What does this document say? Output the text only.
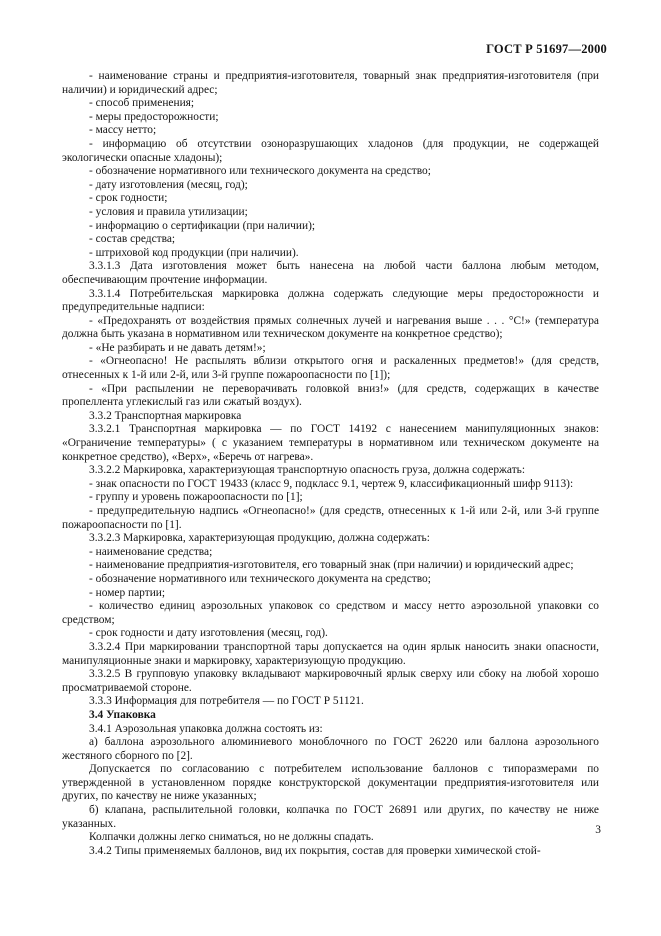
ГОСТ Р 51697—2000

- наименование страны и предприятия-изготовителя, товарный знак предприятия-изготовителя (при наличии) и юридический адрес;

- способ применения;

- меры предосторожности;

- массу нетто;

- информацию об отсутствии озоноразрушающих хладонов (для продукции, не содержащей экологически опасные хладоны);

- обозначение нормативного или технического документа на средство;

- дату изготовления (месяц, год);

- срок годности;

- условия и правила утилизации;

- информацию о сертификации (при наличии);

- состав средства;

- штриховой код продукции (при наличии).

3.3.1.3 Дата изготовления может быть нанесена на любой части баллона любым методом, обеспечивающим прочтение информации.

3.3.1.4 Потребительская маркировка должна содержать следующие меры предосторожности и предупредительные надписи:

- «Предохранять от воздействия прямых солнечных лучей и нагревания выше . . . °С!» (температура должна быть указана в нормативном или техническом документе на конкретное средство);

- «Не разбирать и не давать детям!»;

- «Огнеопасно! Не распылять вблизи открытого огня и раскаленных предметов!» (для средств, отнесенных к 1-й или 2-й, или 3-й группе пожароопасности по [1]);

- «При распылении не переворачивать головкой вниз!» (для средств, содержащих в качестве пропеллента углекислый газ или сжатый воздух).

3.3.2 Транспортная маркировка

3.3.2.1 Транспортная маркировка — по ГОСТ 14192 с нанесением манипуляционных знаков: «Ограничение температуры» ( с указанием температуры в нормативном или техническом документе на конкретное средство), «Верх», «Беречь от нагрева».

3.3.2.2 Маркировка, характеризующая транспортную опасность груза, должна содержать:

- знак опасности по ГОСТ 19433 (класс 9, подкласс 9.1, чертеж 9, классификационный шифр 9113):

- группу и уровень пожароопасности по [1];

- предупредительную надпись «Огнеопасно!» (для средств, отнесенных к 1-й или 2-й, или 3-й группе пожароопасности по [1].

3.3.2.3 Маркировка, характеризующая продукцию, должна содержать:

- наименование средства;

- наименование предприятия-изготовителя, его товарный знак (при наличии) и юридический адрес;

- обозначение нормативного или технического документа на средство;

- номер партии;

- количество единиц аэрозольных упаковок со средством и массу нетто аэрозольной упаковки со средством;

- срок годности и дату изготовления (месяц, год).

3.3.2.4 При маркировании транспортной тары допускается на один ярлык наносить знаки опасности, манипуляционные знаки и маркировку, характеризующую продукцию.

3.3.2.5 В групповую упаковку вкладывают маркировочный ярлык сверху или сбоку на любой хорошо просматриваемой стороне.

3.3.3 Информация для потребителя — по ГОСТ Р 51121.

3.4 Упаковка

3.4.1 Аэрозольная упаковка должна состоять из:

а) баллона аэрозольного алюминиевого моноблочного по ГОСТ 26220 или баллона аэрозольного жестяного сборного по [2].

Допускается по согласованию с потребителем использование баллонов с типоразмерами по утвержденной в установленном порядке конструкторской документации предприятия-изготовителя или других, по качеству не ниже указанных;

б) клапана, распылительной головки, колпачка по ГОСТ 26891 или других, по качеству не ниже указанных.

Колпачки должны легко сниматься, но не должны спадать.

3.4.2 Типы применяемых баллонов, вид их покрытия, состав для проверки химической стой-

3
